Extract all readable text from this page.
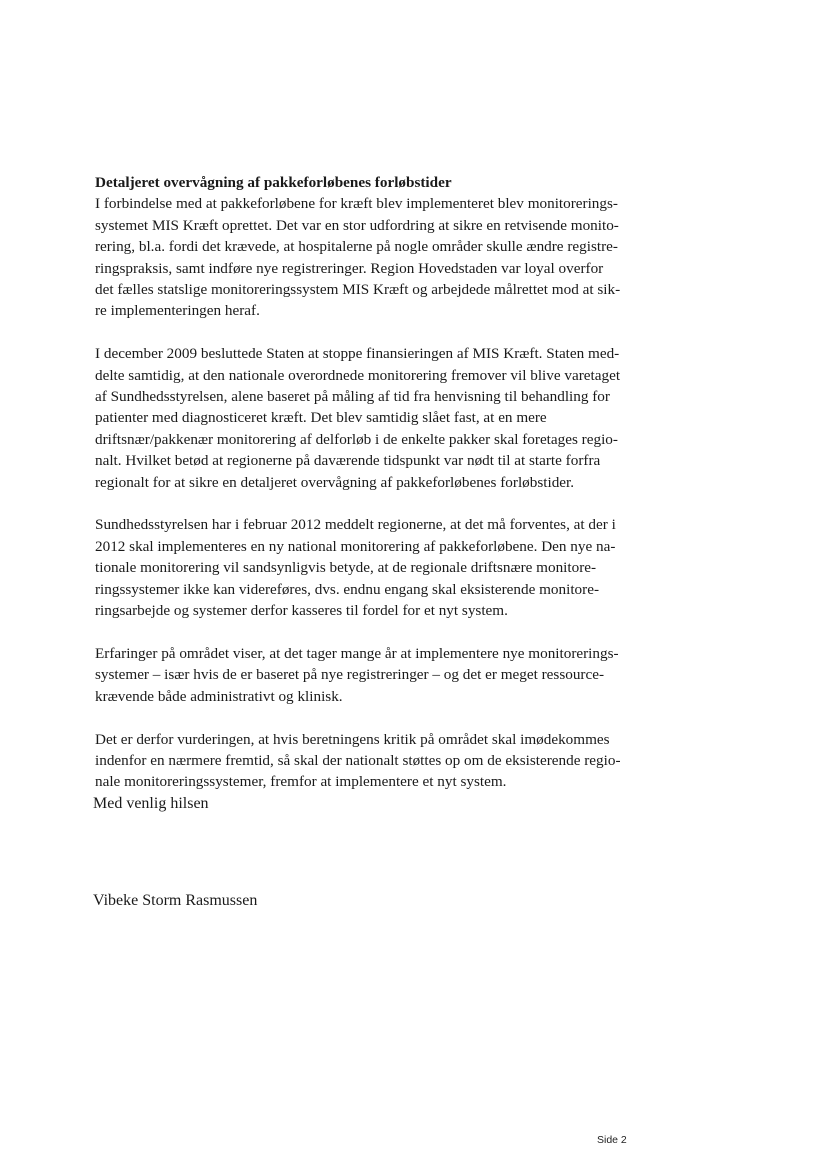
Detaljeret overvågning af pakkeforløbenes forløbstider
I forbindelse med at pakkeforløbene for kræft blev implementeret blev monitorerings-
systemet MIS Kræft oprettet. Det var en stor udfordring at sikre en retvisende monito-
rering, bl.a. fordi det krævede, at hospitalerne på nogle områder skulle ændre registre-
ringspraksis, samt indføre nye registreringer. Region Hovedstaden var loyal overfor
det fælles statslige monitoreringssystem MIS Kræft og arbejdede målrettet mod at sik-
re implementeringen heraf.
I december 2009 besluttede Staten at stoppe finansieringen af MIS Kræft. Staten med-
delte samtidig, at den nationale overordnede monitorering fremover vil blive varetaget
af Sundhedsstyrelsen, alene baseret på måling af tid fra henvisning til behandling for
patienter med diagnosticeret kræft. Det blev samtidig slået fast, at en mere
driftsnær/pakkenær monitorering af delforløb i de enkelte pakker skal foretages regio-
nalt. Hvilket betød at regionerne på daværende tidspunkt var nødt til at starte forfra
regionalt for at sikre en detaljeret overvågning af pakkeforløbenes forløbstider.
Sundhedsstyrelsen har i februar 2012 meddelt regionerne, at det må forventes, at der i
2012 skal implementeres en ny national monitorering af pakkeforløbene. Den nye na-
tionale monitorering vil sandsynligvis betyde, at de regionale driftsnære monitore-
ringssystemer ikke kan videreføres, dvs. endnu engang skal eksisterende monitore-
ringsarbejde og systemer derfor kasseres til fordel for et nyt system.
Erfaringer på området viser, at det tager mange år at implementere nye monitorerings-
systemer – især hvis de er baseret på nye registreringer – og det er meget ressource-
krævende både administrativt og klinisk.
Det er derfor vurderingen, at hvis beretningens kritik på området skal imødekommes
indenfor en nærmere fremtid, så skal der nationalt støttes op om de eksisterende regio-
nale monitoreringssystemer, fremfor at implementere et nyt system.
Med venlig hilsen
Vibeke Storm Rasmussen
Side 2
